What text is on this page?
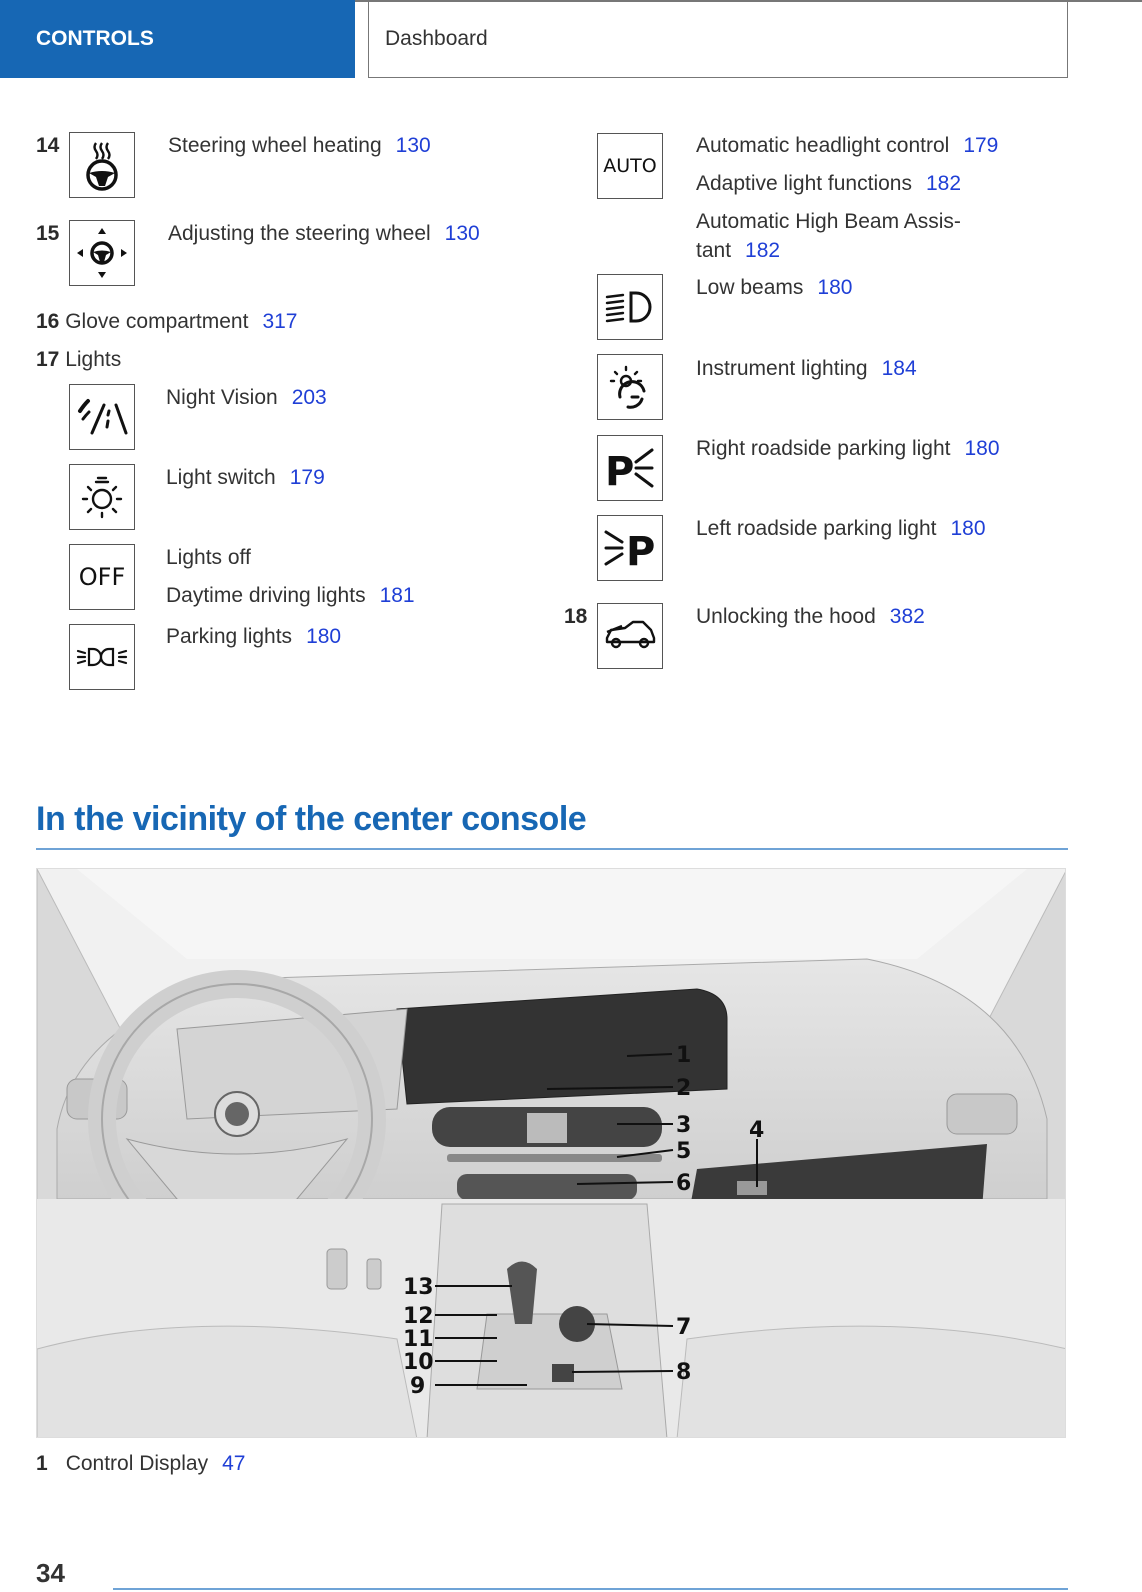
CONTROLS	Dashboard
14	Steering wheel heating 130
15	Adjusting the steering wheel 130
16 Glove compartment 317
17 Lights
Night Vision 203
Light switch 179
OFF
Lights off
Daytime driving lights 181
Parking lights 180
AUTO
Automatic headlight control 179
Adaptive light functions 182
Automatic High Beam Assis-
tant 182
Low beams 180
Instrument lighting 184
P
Right roadside parking light 180
P
Left roadside parking light 180
18	Unlocking the hood 382
In the vicinity of the center console
1
2
3	4
5
6
7
8
9
10
11
12
13
1 Control Display 47
34
